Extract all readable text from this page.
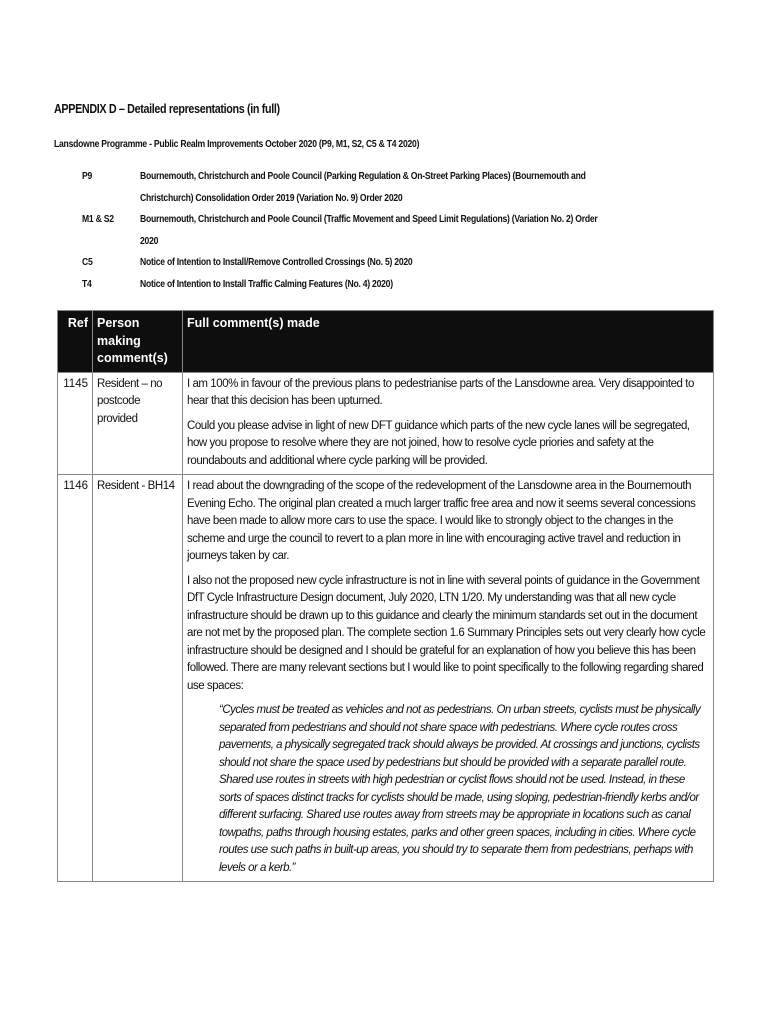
APPENDIX D – Detailed representations (in full)
Lansdowne Programme - Public Realm Improvements October 2020 (P9, M1, S2, C5 & T4 2020)
P9	Bournemouth, Christchurch and Poole Council (Parking Regulation & On-Street Parking Places) (Bournemouth and Christchurch) Consolidation Order 2019 (Variation No. 9) Order 2020
M1 & S2	Bournemouth, Christchurch and Poole Council (Traffic Movement and Speed Limit Regulations) (Variation No. 2) Order 2020
C5	Notice of Intention to Install/Remove Controlled Crossings (No. 5) 2020
T4	Notice of Intention to Install Traffic Calming Features (No. 4) 2020)
Ref	Person making comment(s)	Full comment(s) made
1145	Resident – no postcode provided	I am 100% in favour of the previous plans to pedestrianise parts of the Lansdowne area. Very disappointed to hear that this decision has been upturned.

Could you please advise in light of new DFT guidance which parts of the new cycle lanes will be segregated, how you propose to resolve where they are not joined, how to resolve cycle priories and safety at the roundabouts and additional where cycle parking will be provided.

1146	Resident - BH14	I read about the downgrading of the scope of the redevelopment of the Lansdowne area in the Bournemouth Evening Echo. The original plan created a much larger traffic free area and now it seems several concessions have been made to allow more cars to use the space. I would like to strongly object to the changes in the scheme and urge the council to revert to a plan more in line with encouraging active travel and reduction in journeys taken by car.

I also not the proposed new cycle infrastructure is not in line with several points of guidance in the Government DfT Cycle Infrastructure Design document, July 2020, LTN 1/20. My understanding was that all new cycle infrastructure should be drawn up to this guidance and clearly the minimum standards set out in the document are not met by the proposed plan. The complete section 1.6 Summary Principles sets out very clearly how cycle infrastructure should be designed and I should be grateful for an explanation of how you believe this has been followed. There are many relevant sections but I would like to point specifically to the following regarding shared use spaces:

“Cycles must be treated as vehicles and not as pedestrians. On urban streets, cyclists must be physically separated from pedestrians and should not share space with pedestrians. Where cycle routes cross pavements, a physically segregated track should always be provided. At crossings and junctions, cyclists should not share the space used by pedestrians but should be provided with a separate parallel route. Shared use routes in streets with high pedestrian or cyclist flows should not be used. Instead, in these sorts of spaces distinct tracks for cyclists should be made, using sloping, pedestrian-friendly kerbs and/or different surfacing. Shared use routes away from streets may be appropriate in locations such as canal towpaths, paths through housing estates, parks and other green spaces, including in cities. Where cycle routes use such paths in built-up areas, you should try to separate them from pedestrians, perhaps with levels or a kerb.”
